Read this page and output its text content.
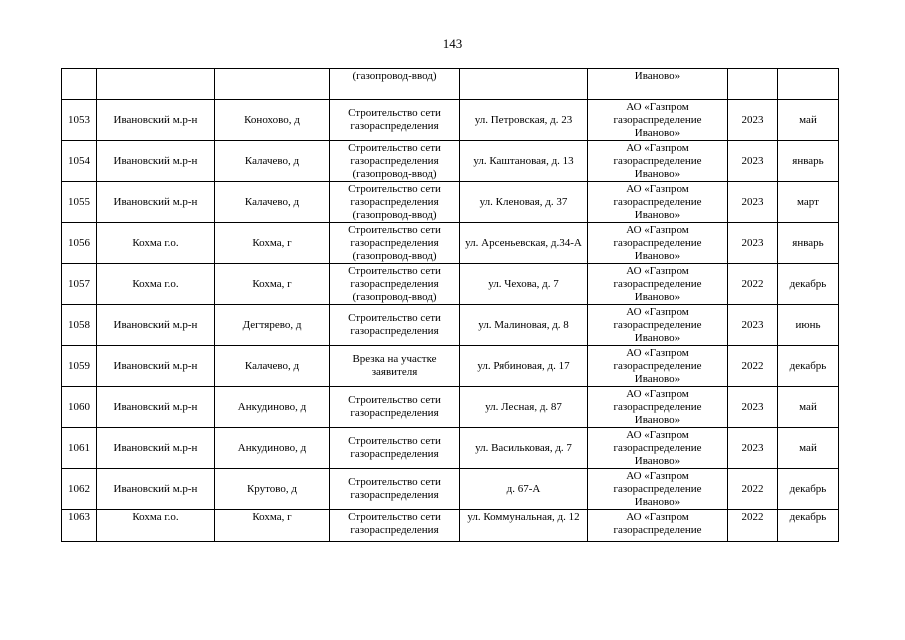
143
			(газопровод-ввод)		Иваново»		
1053	Ивановский м.р-н	Конохово, д	Строительство сети газораспределения	ул. Петровская, д. 23	АО «Газпром газораспределение Иваново»	2023	май
1054	Ивановский м.р-н	Калачево, д	Строительство сети газораспределения (газопровод-ввод)	ул. Каштановая, д. 13	АО «Газпром газораспределение Иваново»	2023	январь
1055	Ивановский м.р-н	Калачево, д	Строительство сети газораспределения (газопровод-ввод)	ул. Кленовая, д. 37	АО «Газпром газораспределение Иваново»	2023	март
1056	Кохма г.о.	Кохма, г	Строительство сети газораспределения (газопровод-ввод)	ул. Арсеньевская, д.34-А	АО «Газпром газораспределение Иваново»	2023	январь
1057	Кохма г.о.	Кохма, г	Строительство сети газораспределения (газопровод-ввод)	ул. Чехова, д. 7	АО «Газпром газораспределение Иваново»	2022	декабрь
1058	Ивановский м.р-н	Дегтярево, д	Строительство сети газораспределения	ул. Малиновая, д. 8	АО «Газпром газораспределение Иваново»	2023	июнь
1059	Ивановский м.р-н	Калачево, д	Врезка на участке заявителя	ул. Рябиновая, д. 17	АО «Газпром газораспределение Иваново»	2022	декабрь
1060	Ивановский м.р-н	Анкудиново, д	Строительство сети газораспределения	ул. Лесная, д. 87	АО «Газпром газораспределение Иваново»	2023	май
1061	Ивановский м.р-н	Анкудиново, д	Строительство сети газораспределения	ул. Васильковая, д. 7	АО «Газпром газораспределение Иваново»	2023	май
1062	Ивановский м.р-н	Крутово, д	Строительство сети газораспределения	д. 67-А	АО «Газпром газораспределение Иваново»	2022	декабрь
1063	Кохма г.о.	Кохма, г	Строительство сети газораспределения	ул. Коммунальная, д. 12	АО «Газпром газораспределение	2022	декабрь
